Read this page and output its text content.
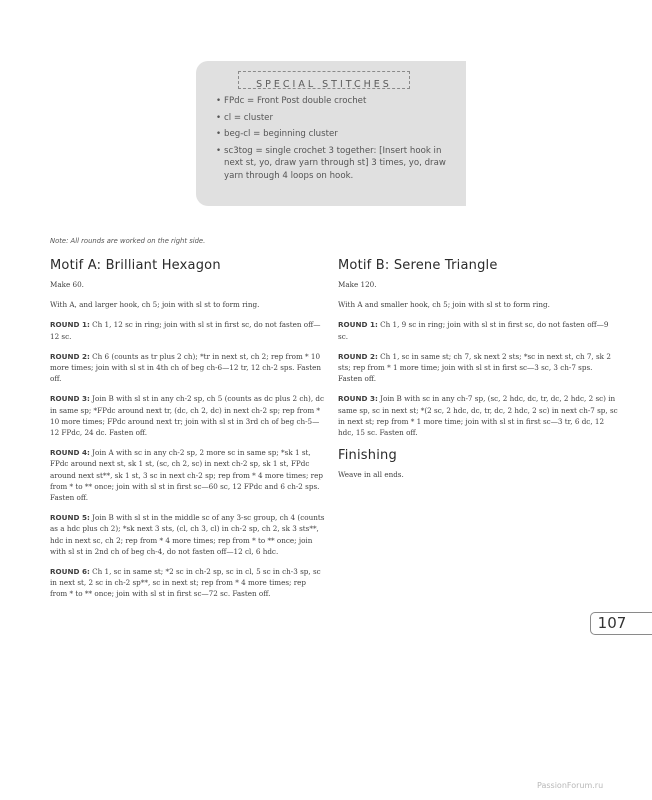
SPECIAL STITCHES
• FPdc = Front Post double crochet
• cl = cluster
• beg-cl = beginning cluster
• sc3tog = single crochet 3 together: [Insert hook in next st, yo, draw yarn through st] 3 times, yo, draw yarn through 4 loops on hook.
Note: All rounds are worked on the right side.
Motif A: Brilliant Hexagon

Make 60.

With A, and larger hook, ch 5; join with sl st to form ring.

ROUND 1: Ch 1, 12 sc in ring; join with sl st in first sc, do not fasten off—12 sc.

ROUND 2: Ch 6 (counts as tr plus 2 ch); *tr in next st, ch 2; rep from * 10 more times; join with sl st in 4th ch of beg ch-6—12 tr, 12 ch-2 sps. Fasten off.

ROUND 3: Join B with sl st in any ch-2 sp, ch 5 (counts as dc plus 2 ch), dc in same sp; *FPdc around next tr, (dc, ch 2, dc) in next ch-2 sp; rep from * 10 more times; FPdc around next tr; join with sl st in 3rd ch of beg ch-5—12 FPdc, 24 dc. Fasten off.

ROUND 4: Join A with sc in any ch-2 sp, 2 more sc in same sp; *sk 1 st, FPdc around next st, sk 1 st, (sc, ch 2, sc) in next ch-2 sp, sk 1 st, FPdc around next st**, sk 1 st, 3 sc in next ch-2 sp; rep from * 4 more times; rep from * to ** once; join with sl st in first sc—60 sc, 12 FPdc and 6 ch-2 sps. Fasten off.

ROUND 5: Join B with sl st in the middle sc of any 3-sc group, ch 4 (counts as a hdc plus ch 2); *sk next 3 sts, (cl, ch 3, cl) in ch-2 sp, ch 2, sk 3 sts**, hdc in next sc, ch 2; rep from * 4 more times; rep from * to ** once; join with sl st in 2nd ch of beg ch-4, do not fasten off—12 cl, 6 hdc.

ROUND 6: Ch 1, sc in same st; *2 sc in ch-2 sp, sc in cl, 5 sc in ch-3 sp, sc in next st, 2 sc in ch-2 sp**, sc in next st; rep from * 4 more times; rep from * to ** once; join with sl st in first sc—72 sc. Fasten off.

Motif B: Serene Triangle

Make 120.

With A and smaller hook, ch 5; join with sl st to form ring.

ROUND 1: Ch 1, 9 sc in ring; join with sl st in first sc, do not fasten off—9 sc.

ROUND 2: Ch 1, sc in same st; ch 7, sk next 2 sts; *sc in next st, ch 7, sk 2 sts; rep from * 1 more time; join with sl st in first sc—3 sc, 3 ch-7 sps. Fasten off.

ROUND 3: Join B with sc in any ch-7 sp, (sc, 2 hdc, dc, tr, dc, 2 hdc, 2 sc) in same sp, sc in next st; *(2 sc, 2 hdc, dc, tr, dc, 2 hdc, 2 sc) in next ch-7 sp, sc in next st; rep from * 1 more time; join with sl st in first sc—3 tr, 6 dc, 12 hdc, 15 sc. Fasten off.

Finishing

Weave in all ends.

107
PassionForum.ru
